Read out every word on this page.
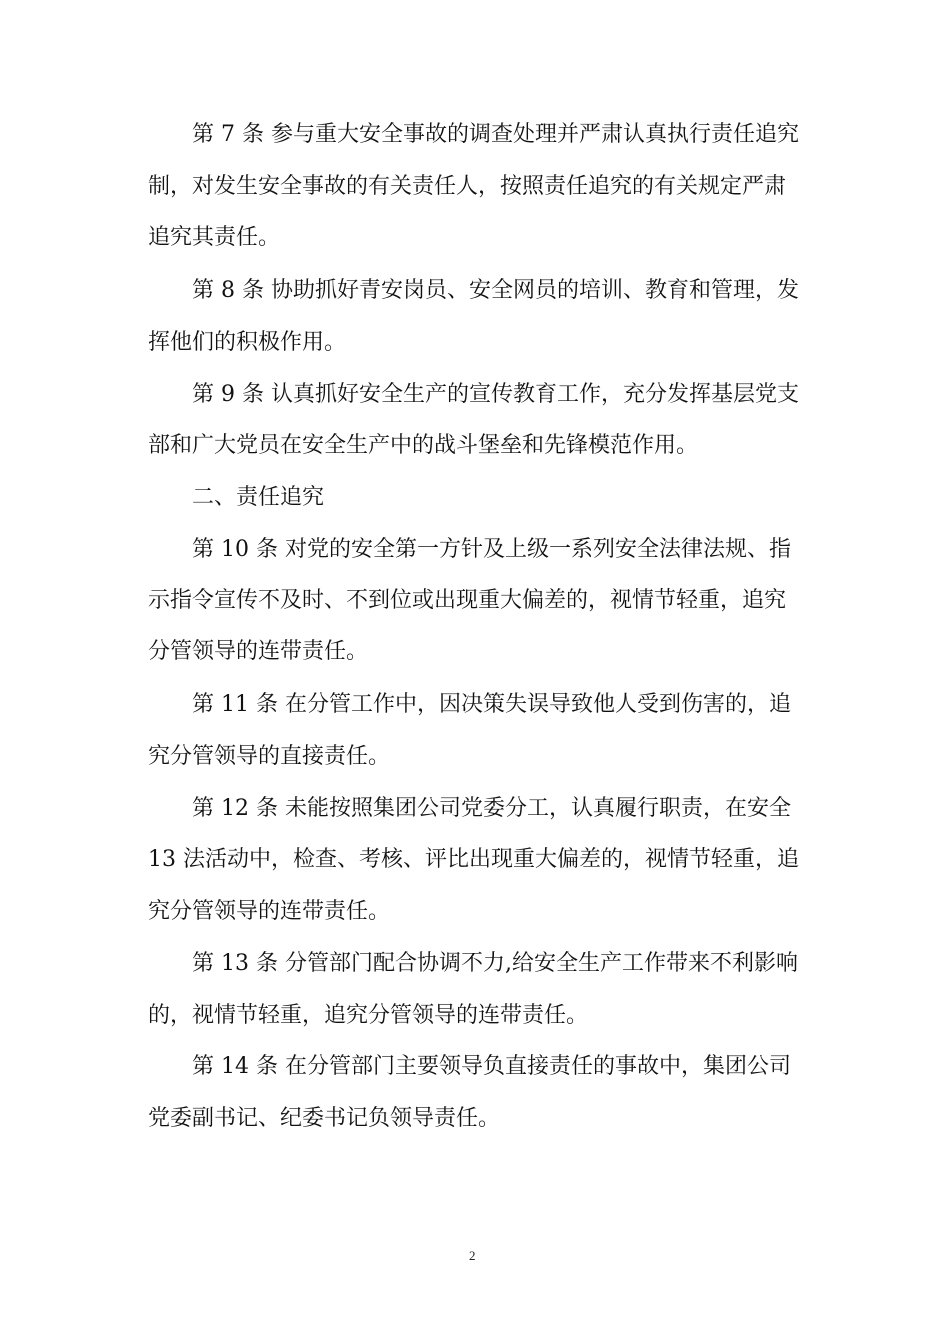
第 7 条 参与重大安全事故的调查处理并严肃认真执行责任追究
制，对发生安全事故的有关责任人，按照责任追究的有关规定严肃
追究其责任。
第 8 条 协助抓好青安岗员、安全网员的培训、教育和管理，发
挥他们的积极作用。
第 9 条 认真抓好安全生产的宣传教育工作，充分发挥基层党支
部和广大党员在安全生产中的战斗堡垒和先锋模范作用。
二、责任追究
第 10 条 对党的安全第一方针及上级一系列安全法律法规、指
示指令宣传不及时、不到位或出现重大偏差的，视情节轻重，追究
分管领导的连带责任。
第 11 条 在分管工作中，因决策失误导致他人受到伤害的，追
究分管领导的直接责任。
第 12 条 未能按照集团公司党委分工，认真履行职责，在安全
13 法活动中，检查、考核、评比出现重大偏差的，视情节轻重，追
究分管领导的连带责任。
第 13 条 分管部门配合协调不力,给安全生产工作带来不利影响
的，视情节轻重，追究分管领导的连带责任。
第 14 条 在分管部门主要领导负直接责任的事故中，集团公司
党委副书记、纪委书记负领导责任。
2
